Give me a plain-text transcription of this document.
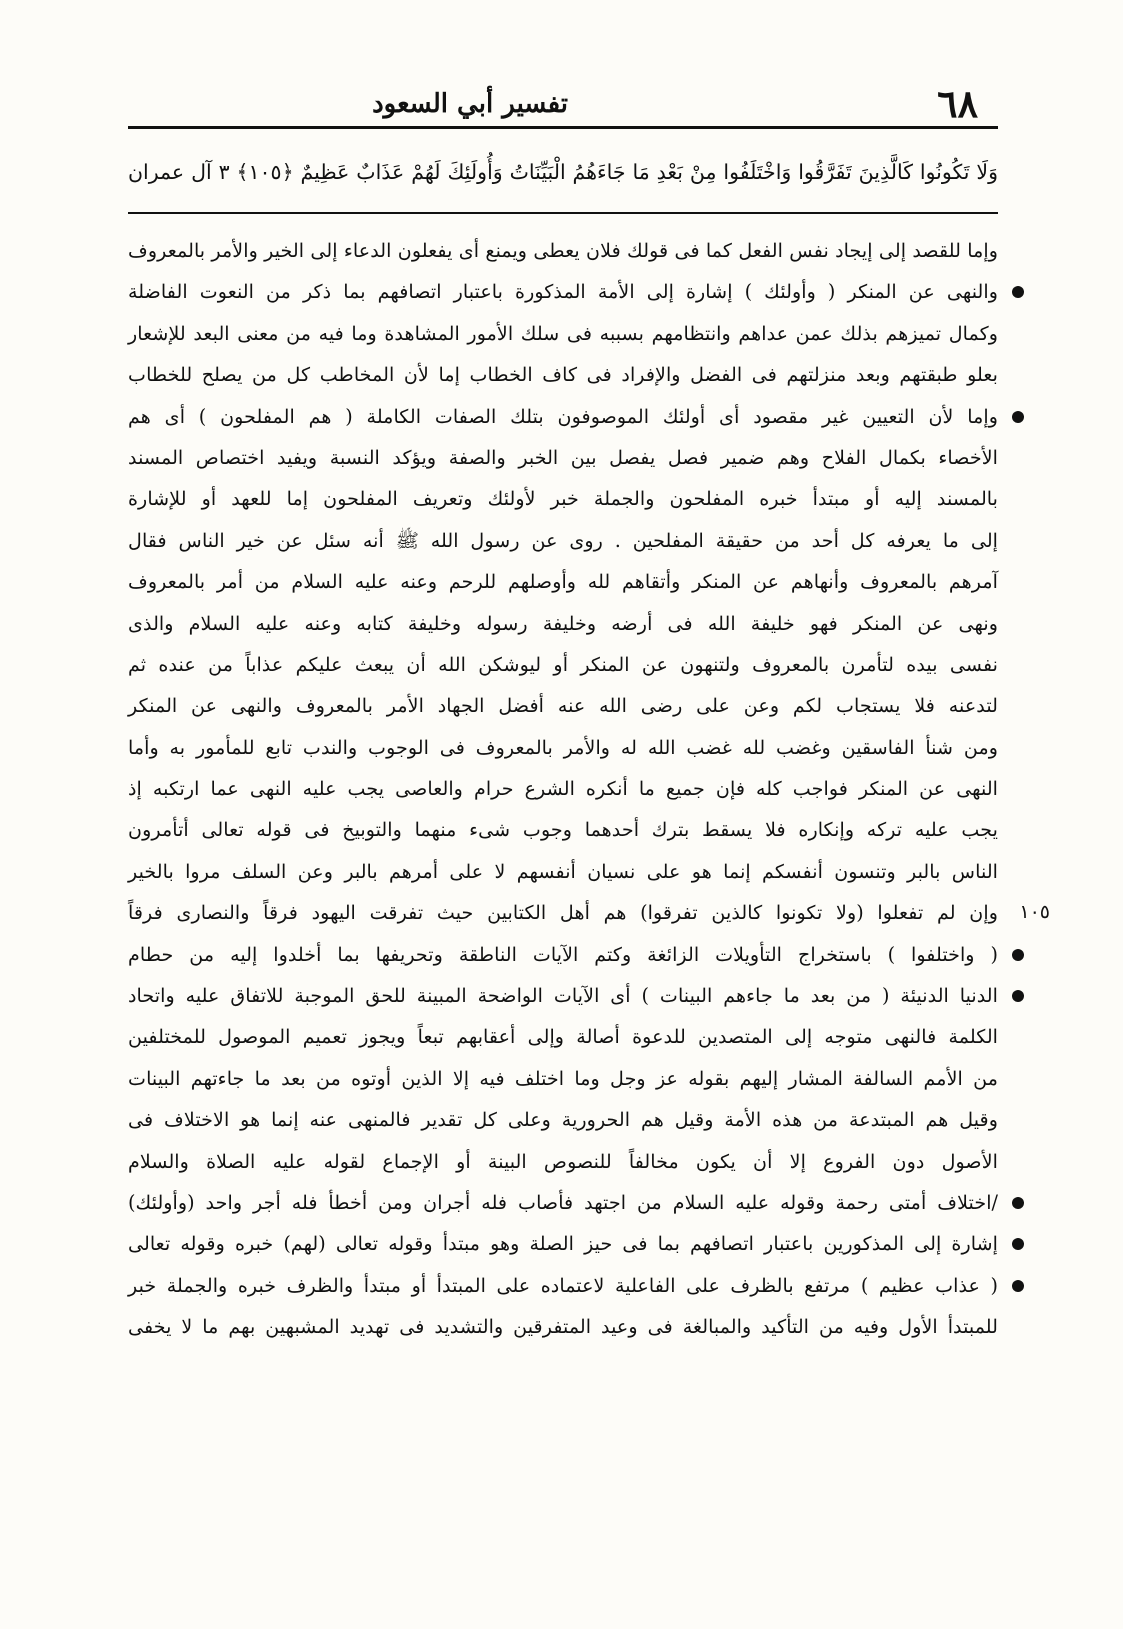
٦٨
تفسير أبي السعود
وَلَا تَكُونُوا كَالَّذِينَ تَفَرَّقُوا وَاخْتَلَفُوا مِنْ بَعْدِ مَا جَاءَهُمُ الْبَيِّنَاتُ وَأُولَئِكَ لَهُمْ عَذَابٌ عَظِيمٌ ﴿١٠٥﴾ ٣ آل عمران
وإما للقصد إلى إيجاد نفس الفعل كما فى قولك فلان يعطى ويمنع أى يفعلون الدعاء إلى الخير والأمر بالمعروف
والنهى عن المنكر ( وأولئك ) إشارة إلى الأمة المذكورة باعتبار اتصافهم بما ذكر من النعوت الفاضلة
وكمال تميزهم بذلك عمن عداهم وانتظامهم بسببه فى سلك الأمور المشاهدة وما فيه من معنى البعد للإشعار
بعلو طبقتهم وبعد منزلتهم فى الفضل والإفراد فى كاف الخطاب إما لأن المخاطب كل من يصلح للخطاب
وإما لأن التعيين غير مقصود أى أولئك الموصوفون بتلك الصفات الكاملة ( هم المفلحون ) أى هم
الأخصاء بكمال الفلاح وهم ضمير فصل يفصل بين الخبر والصفة ويؤكد النسبة ويفيد اختصاص المسند
بالمسند إليه أو مبتدأ خبره المفلحون والجملة خبر لأولئك وتعريف المفلحون إما للعهد أو للإشارة
إلى ما يعرفه كل أحد من حقيقة المفلحين . روى عن رسول الله ﷺ أنه سئل عن خير الناس فقال
آمرهم بالمعروف وأنهاهم عن المنكر وأتقاهم لله وأوصلهم للرحم وعنه عليه السلام من أمر بالمعروف
ونهى عن المنكر فهو خليفة الله فى أرضه وخليفة رسوله وخليفة كتابه وعنه عليه السلام والذى
نفسى بيده لتأمرن بالمعروف ولتنهون عن المنكر أو ليوشكن الله أن يبعث عليكم عذاباً من عنده ثم
لتدعنه فلا يستجاب لكم وعن على رضى الله عنه أفضل الجهاد الأمر بالمعروف والنهى عن المنكر
ومن شنأ الفاسقين وغضب لله غضب الله له والأمر بالمعروف فى الوجوب والندب تابع للمأمور به وأما
النهى عن المنكر فواجب كله فإن جميع ما أنكره الشرع حرام والعاصى يجب عليه النهى عما ارتكبه إذ
يجب عليه تركه وإنكاره فلا يسقط بترك أحدهما وجوب شىء منهما والتوبيخ فى قوله تعالى أتأمرون
الناس بالبر وتنسون أنفسكم إنما هو على نسيان أنفسهم لا على أمرهم بالبر وعن السلف مروا بالخير
١٠٥
وإن لم تفعلوا (ولا تكونوا كالذين تفرقوا) هم أهل الكتابين حيث تفرقت اليهود فرقاً والنصارى فرقاً
( واختلفوا ) باستخراج التأويلات الزائغة وكتم الآيات الناطقة وتحريفها بما أخلدوا إليه من حطام
الدنيا الدنيئة ( من بعد ما جاءهم البينات ) أى الآيات الواضحة المبينة للحق الموجبة للاتفاق عليه واتحاد
الكلمة فالنهى متوجه إلى المتصدين للدعوة أصالة وإلى أعقابهم تبعاً ويجوز تعميم الموصول للمختلفين
من الأمم السالفة المشار إليهم بقوله عز وجل وما اختلف فيه إلا الذين أوتوه من بعد ما جاءتهم البينات
وقيل هم المبتدعة من هذه الأمة وقيل هم الحرورية وعلى كل تقدير فالمنهى عنه إنما هو الاختلاف فى
الأصول دون الفروع إلا أن يكون مخالفاً للنصوص البينة أو الإجماع لقوله عليه الصلاة والسلام
/اختلاف أمتى رحمة وقوله عليه السلام من اجتهد فأصاب فله أجران ومن أخطأ فله أجر واحد (وأولئك)
إشارة إلى المذكورين باعتبار اتصافهم بما فى حيز الصلة وهو مبتدأ وقوله تعالى (لهم) خبره وقوله تعالى
( عذاب عظيم ) مرتفع بالظرف على الفاعلية لاعتماده على المبتدأ أو مبتدأ والظرف خبره والجملة خبر
للمبتدأ الأول وفيه من التأكيد والمبالغة فى وعيد المتفرقين والتشديد فى تهديد المشبهين بهم ما لا يخفى
